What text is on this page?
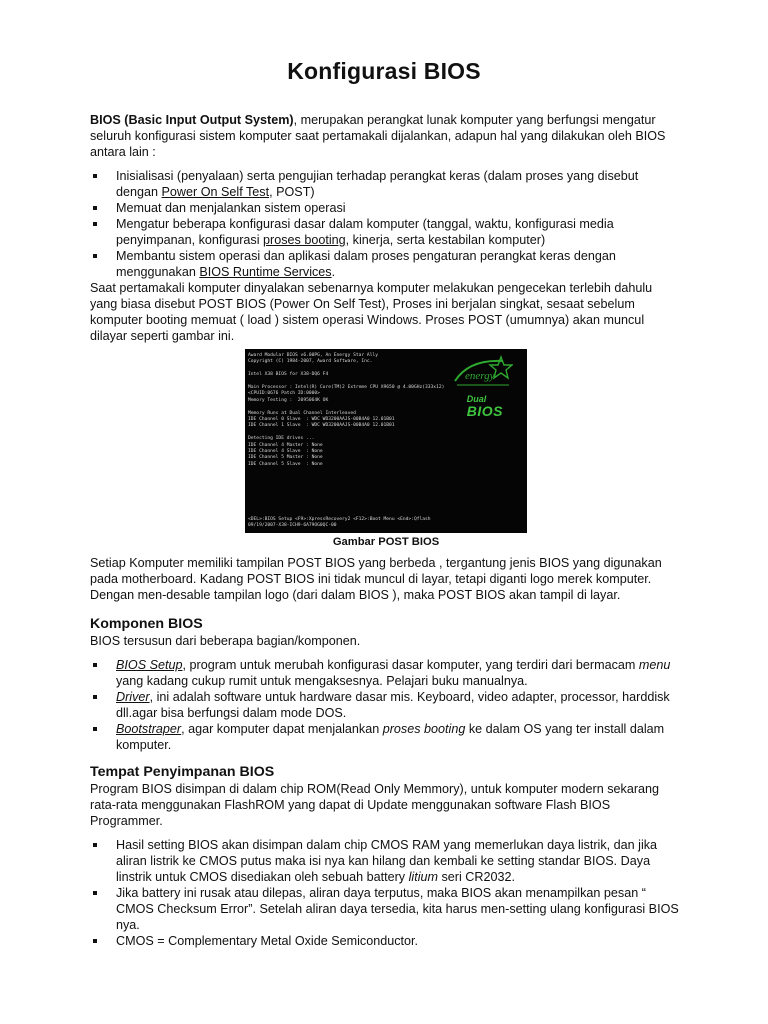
Konfigurasi BIOS

BIOS (Basic Input Output System), merupakan perangkat lunak komputer yang berfungsi mengatur seluruh konfigurasi sistem komputer saat pertamakali dijalankan, adapun hal yang dilakukan oleh BIOS antara lain :

Inisialisasi (penyalaan) serta pengujian terhadap perangkat keras (dalam proses yang disebut dengan Power On Self Test, POST)
Memuat dan menjalankan sistem operasi
Mengatur beberapa konfigurasi dasar dalam komputer (tanggal, waktu, konfigurasi media penyimpanan, konfigurasi proses booting, kinerja, serta kestabilan komputer)
Membantu sistem operasi dan aplikasi dalam proses pengaturan perangkat keras dengan menggunakan BIOS Runtime Services.

Saat pertamakali komputer dinyalakan sebenarnya komputer melakukan pengecekan terlebih dahulu yang biasa disebut POST BIOS (Power On Self Test), Proses ini berjalan singkat, sesaat sebelum komputer booting memuat ( load ) sistem operasi Windows. Proses POST (umumnya) akan muncul dilayar seperti gambar ini.

energy
Dual
BIOS
Award Modular BIOS v6.00PG, An Energy Star Ally
Copyright (C) 1984-2007, Award Software, Inc.
Intel X38 BIOS for X38-DQ6 F4
Main Processor : Intel(R) Core(TM)2 Extreme CPU X9650 @ 4.00GHz(333x12)
<CPUID:0676 Patch ID:0000>
Memory Testing :  2095064K OK
Memory Runs at Dual Channel Interleaved
IDE Channel 0 Slave  : WDC WD3200AAJS-00B4A0 12.01B01
IDE Channel 1 Slave  : WDC WD3200AAJS-00B4A0 12.01B01
Detecting IDE drives ...
IDE Channel 4 Master : None
IDE Channel 4 Slave  : None
IDE Channel 5 Master : None
IDE Channel 5 Slave  : None
<DEL>:BIOS Setup <F9>:XpressRecovery2 <F12>:Boot Menu <End>:Qflash
09/19/2007-X38-ICH9-6A79OG0QC-00
Gambar POST BIOS

Setiap Komputer memiliki tampilan POST BIOS yang berbeda , tergantung jenis BIOS yang digunakan pada motherboard. Kadang POST BIOS ini tidak muncul di layar, tetapi diganti logo merek komputer. Dengan men-desable tampilan logo (dari dalam BIOS ), maka POST BIOS akan tampil di layar.

Komponen BIOS

BIOS tersusun dari beberapa bagian/komponen.

BIOS Setup, program untuk merubah konfigurasi dasar komputer, yang terdiri dari bermacam menu yang kadang cukup rumit untuk mengaksesnya. Pelajari buku manualnya.
Driver, ini adalah software untuk hardware dasar mis. Keyboard, video adapter, processor, harddisk dll.agar bisa berfungsi dalam mode DOS.
Bootstraper, agar komputer dapat menjalankan proses booting ke dalam OS yang ter install dalam komputer.
Tempat Penyimpanan BIOS

Program BIOS disimpan di dalam chip ROM(Read Only Memmory), untuk komputer modern sekarang rata-rata menggunakan FlashROM yang dapat di Update menggunakan software Flash BIOS Programmer.

Hasil setting BIOS akan disimpan dalam chip CMOS RAM yang memerlukan daya listrik, dan jika aliran listrik ke CMOS putus maka isi nya kan hilang dan kembali ke setting standar BIOS. Daya linstrik untuk CMOS disediakan oleh sebuah battery litium seri CR2032.
Jika battery ini rusak atau dilepas, aliran daya terputus, maka BIOS akan menampilkan pesan “ CMOS Checksum Error”. Setelah aliran daya tersedia, kita harus men-setting ulang konfigurasi BIOS nya.
CMOS = Complementary Metal Oxide Semiconductor.
